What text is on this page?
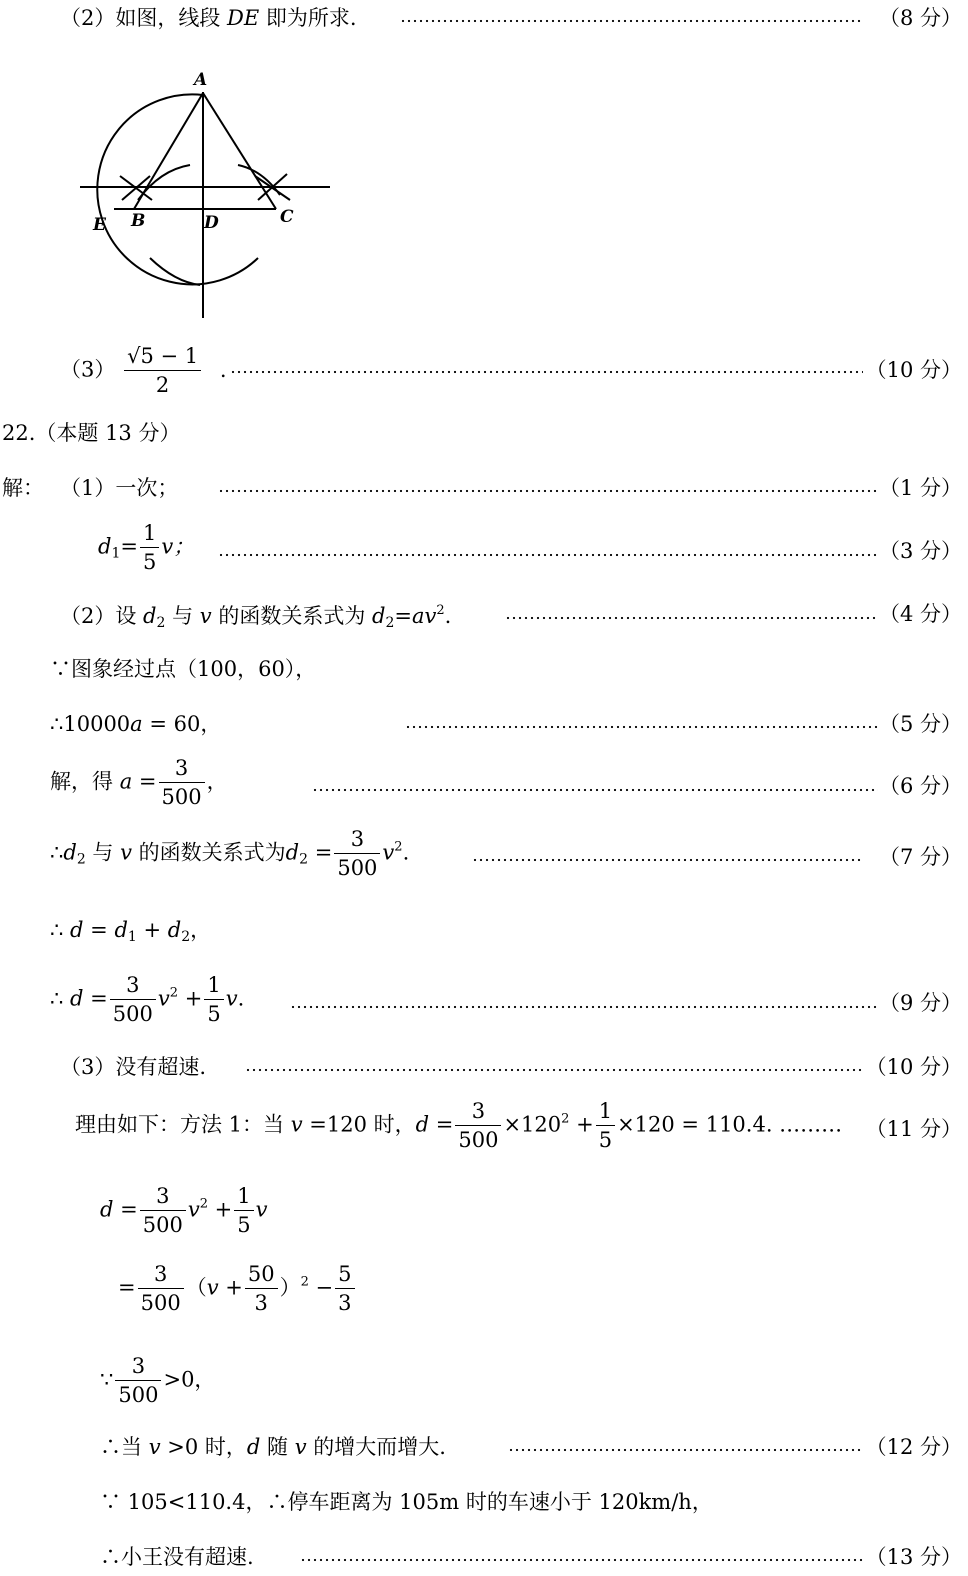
（2）如图，线段 DE 即为所求.	（8 分）
A
B	C
D
E
$(3) \frac{√5 - 1}{2}$ .	（10 分）
22.（本题 13 分）
解： （1）一次；	（1 分）
$d_1= \frac{1}{5}$ v；	（3 分）
（2）设 $d_2$ 与 v 的函数关系式为 $d_2=av^2$.	（4 分）
∵图象经过点（100，60），
∴10000a = 60，	（5 分）
解，得 $a = \frac{3}{500}$ ，	（6 分）
$\therefore d_2$ 与 v 的函数关系式为$d_2 = \frac{3}{500} v^2$.	（7 分）
∴ $d = d_1 + d_2$，
∴ $d = \frac{3}{500} v^2 + \frac{1}{5} v$.	（9 分）
（3）没有超速.	（10 分）
理由如下：方法 1：当 v =120 时，$d = \frac{3}{500} \times 120^2 + \frac{1}{5} \times 120 = 110.4$. ……… （11 分）
$d = \frac{3}{500} v^2 + \frac{1}{5}$ v
= $\frac{3}{500} (v + \frac{50}{3} )^2 - \frac{5}{3}$
∵ $\frac{3}{500} >0$，
∴当 v >0 时，d 随 v 的增大而增大.	（12 分）
∵ 105<110.4，∴停车距离为 105m 时的车速小于 120km/h，
∴小王没有超速.	（13 分）
